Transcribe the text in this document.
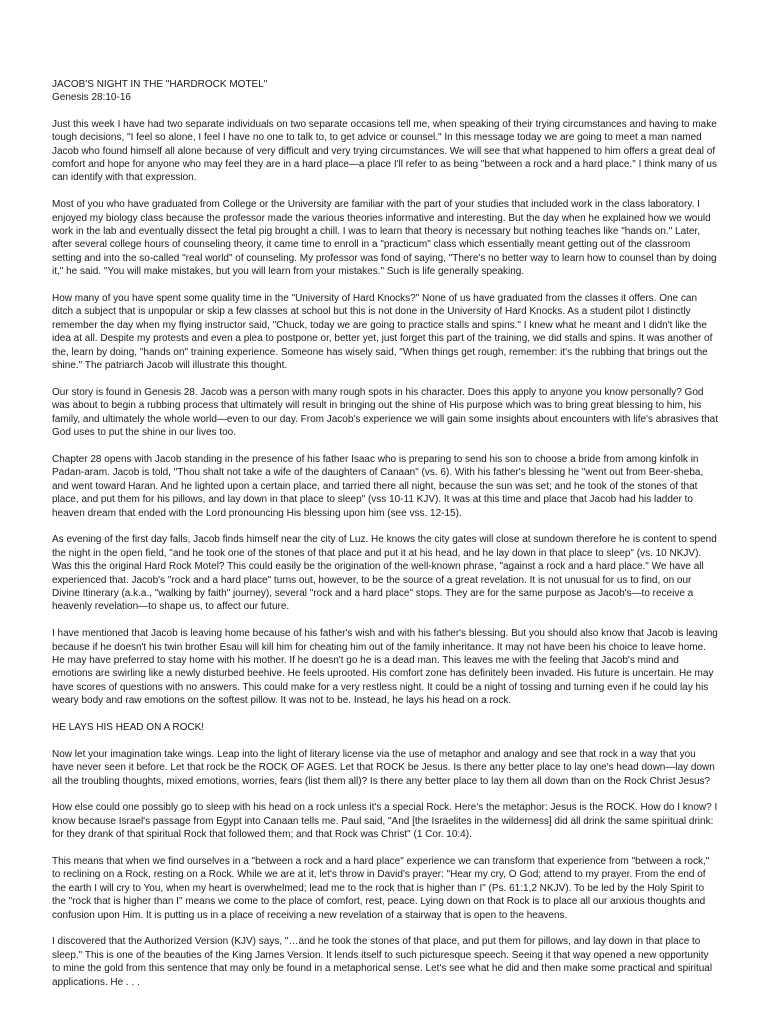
JACOB'S NIGHT IN THE "HARDROCK MOTEL"
Genesis 28:10-16

Just this week I have had two separate individuals on two separate occasions tell me, when speaking of their trying circumstances and having to make tough decisions, "I feel so alone, I feel I have no one to talk to, to get advice or counsel." In this message today we are going to meet a man named Jacob who found himself all alone because of very difficult and very trying circumstances. We will see that what happened to him offers a great deal of comfort and hope for anyone who may feel they are in a hard place—a place I'll refer to as being "between a rock and a hard place." I think many of us can identify with that expression.

Most of you who have graduated from College or the University are familiar with the part of your studies that included work in the class laboratory. I enjoyed my biology class because the professor made the various theories informative and interesting. But the day when he explained how we would work in the lab and eventually dissect the fetal pig brought a chill. I was to learn that theory is necessary but nothing teaches like "hands on." Later, after several college hours of counseling theory, it came time to enroll in a "practicum" class which essentially meant getting out of the classroom setting and into the so-called "real world" of counseling. My professor was fond of saying, "There's no better way to learn how to counsel than by doing it," he said. "You will make mistakes, but you will learn from your mistakes." Such is life generally speaking.

How many of you have spent some quality time in the "University of Hard Knocks?" None of us have graduated from the classes it offers. One can ditch a subject that is unpopular or skip a few classes at school but this is not done in the University of Hard Knocks. As a student pilot I distinctly remember the day when my flying instructor said, "Chuck, today we are going to practice stalls and spins." I knew what he meant and I didn't like the idea at all. Despite my protests and even a plea to postpone or, better yet, just forget this part of the training, we did stalls and spins. It was another of the, learn by doing, "hands on" training experience. Someone has wisely said, "When things get rough, remember: it's the rubbing that brings out the shine." The patriarch Jacob will illustrate this thought.

Our story is found in Genesis 28. Jacob was a person with many rough spots in his character. Does this apply to anyone you know personally? God was about to begin a rubbing process that ultimately will result in bringing out the shine of His purpose which was to bring great blessing to him, his family, and ultimately the whole world—even to our day. From Jacob's experience we will gain some insights about encounters with life's abrasives that God uses to put the shine in our lives too.

Chapter 28 opens with Jacob standing in the presence of his father Isaac who is preparing to send his son to choose a bride from among kinfolk in Padan-aram. Jacob is told, "Thou shalt not take a wife of the daughters of Canaan" (vs. 6). With his father's blessing he "went out from Beer-sheba, and went toward Haran. And he lighted upon a certain place, and tarried there all night, because the sun was set; and he took of the stones of that place, and put them for his pillows, and lay down in that place to sleep" (vss 10-11 KJV). It was at this time and place that Jacob had his ladder to heaven dream that ended with the Lord pronouncing His blessing upon him (see vss. 12-15).

As evening of the first day falls, Jacob finds himself near the city of Luz. He knows the city gates will close at sundown therefore he is content to spend the night in the open field, "and he took one of the stones of that place and put it at his head, and he lay down in that place to sleep" (vs. 10 NKJV). Was this the original Hard Rock Motel? This could easily be the origination of the well-known phrase, "against a rock and a hard place." We have all experienced that. Jacob's "rock and a hard place" turns out, however, to be the source of a great revelation. It is not unusual for us to find, on our Divine Itinerary (a.k.a., "walking by faith" journey), several "rock and a hard place" stops. They are for the same purpose as Jacob's—to receive a heavenly revelation—to shape us, to affect our future.

I have mentioned that Jacob is leaving home because of his father's wish and with his father's blessing. But you should also know that Jacob is leaving because if he doesn't his twin brother Esau will kill him for cheating him out of the family inheritance. It may not have been his choice to leave home. He may have preferred to stay home with his mother. If he doesn't go he is a dead man. This leaves me with the feeling that Jacob's mind and emotions are swirling like a newly disturbed beehive. He feels uprooted. His comfort zone has definitely been invaded. His future is uncertain. He may have scores of questions with no answers. This could make for a very restless night. It could be a night of tossing and turning even if he could lay his weary body and raw emotions on the softest pillow. It was not to be. Instead, he lays his head on a rock.

HE LAYS HIS HEAD ON A ROCK!

Now let your imagination take wings. Leap into the light of literary license via the use of metaphor and analogy and see that rock in a way that you have never seen it before. Let that rock be the ROCK OF AGES. Let that ROCK be Jesus. Is there any better place to lay one's head down—lay down all the troubling thoughts, mixed emotions, worries, fears (list them all)? Is there any better place to lay them all down than on the Rock Christ Jesus?

How else could one possibly go to sleep with his head on a rock unless it's a special Rock. Here's the metaphor: Jesus is the ROCK. How do I know? I know because Israel's passage from Egypt into Canaan tells me. Paul said, "And [the Israelites in the wilderness] did all drink the same spiritual drink: for they drank of that spiritual Rock that followed them; and that Rock was Christ" (1 Cor. 10:4).

This means that when we find ourselves in a "between a rock and a hard place" experience we can transform that experience from "between a rock," to reclining on a Rock, resting on a Rock. While we are at it, let's throw in David's prayer: "Hear my cry, O God; attend to my prayer. From the end of the earth I will cry to You, when my heart is overwhelmed; lead me to the rock that is higher than I" (Ps. 61:1,2 NKJV). To be led by the Holy Spirit to the "rock that is higher than I" means we come to the place of comfort, rest, peace. Lying down on that Rock is to place all our anxious thoughts and confusion upon Him. It is putting us in a place of receiving a new revelation of a stairway that is open to the heavens.

I discovered that the Authorized Version (KJV) says, "…and he took the stones of that place, and put them for pillows, and lay down in that place to sleep." This is one of the beauties of the King James Version. It lends itself to such picturesque speech. Seeing it that way opened a new opportunity to mine the gold from this sentence that may only be found in a metaphorical sense. Let's see what he did and then make some practical and spiritual applications. He . . .
